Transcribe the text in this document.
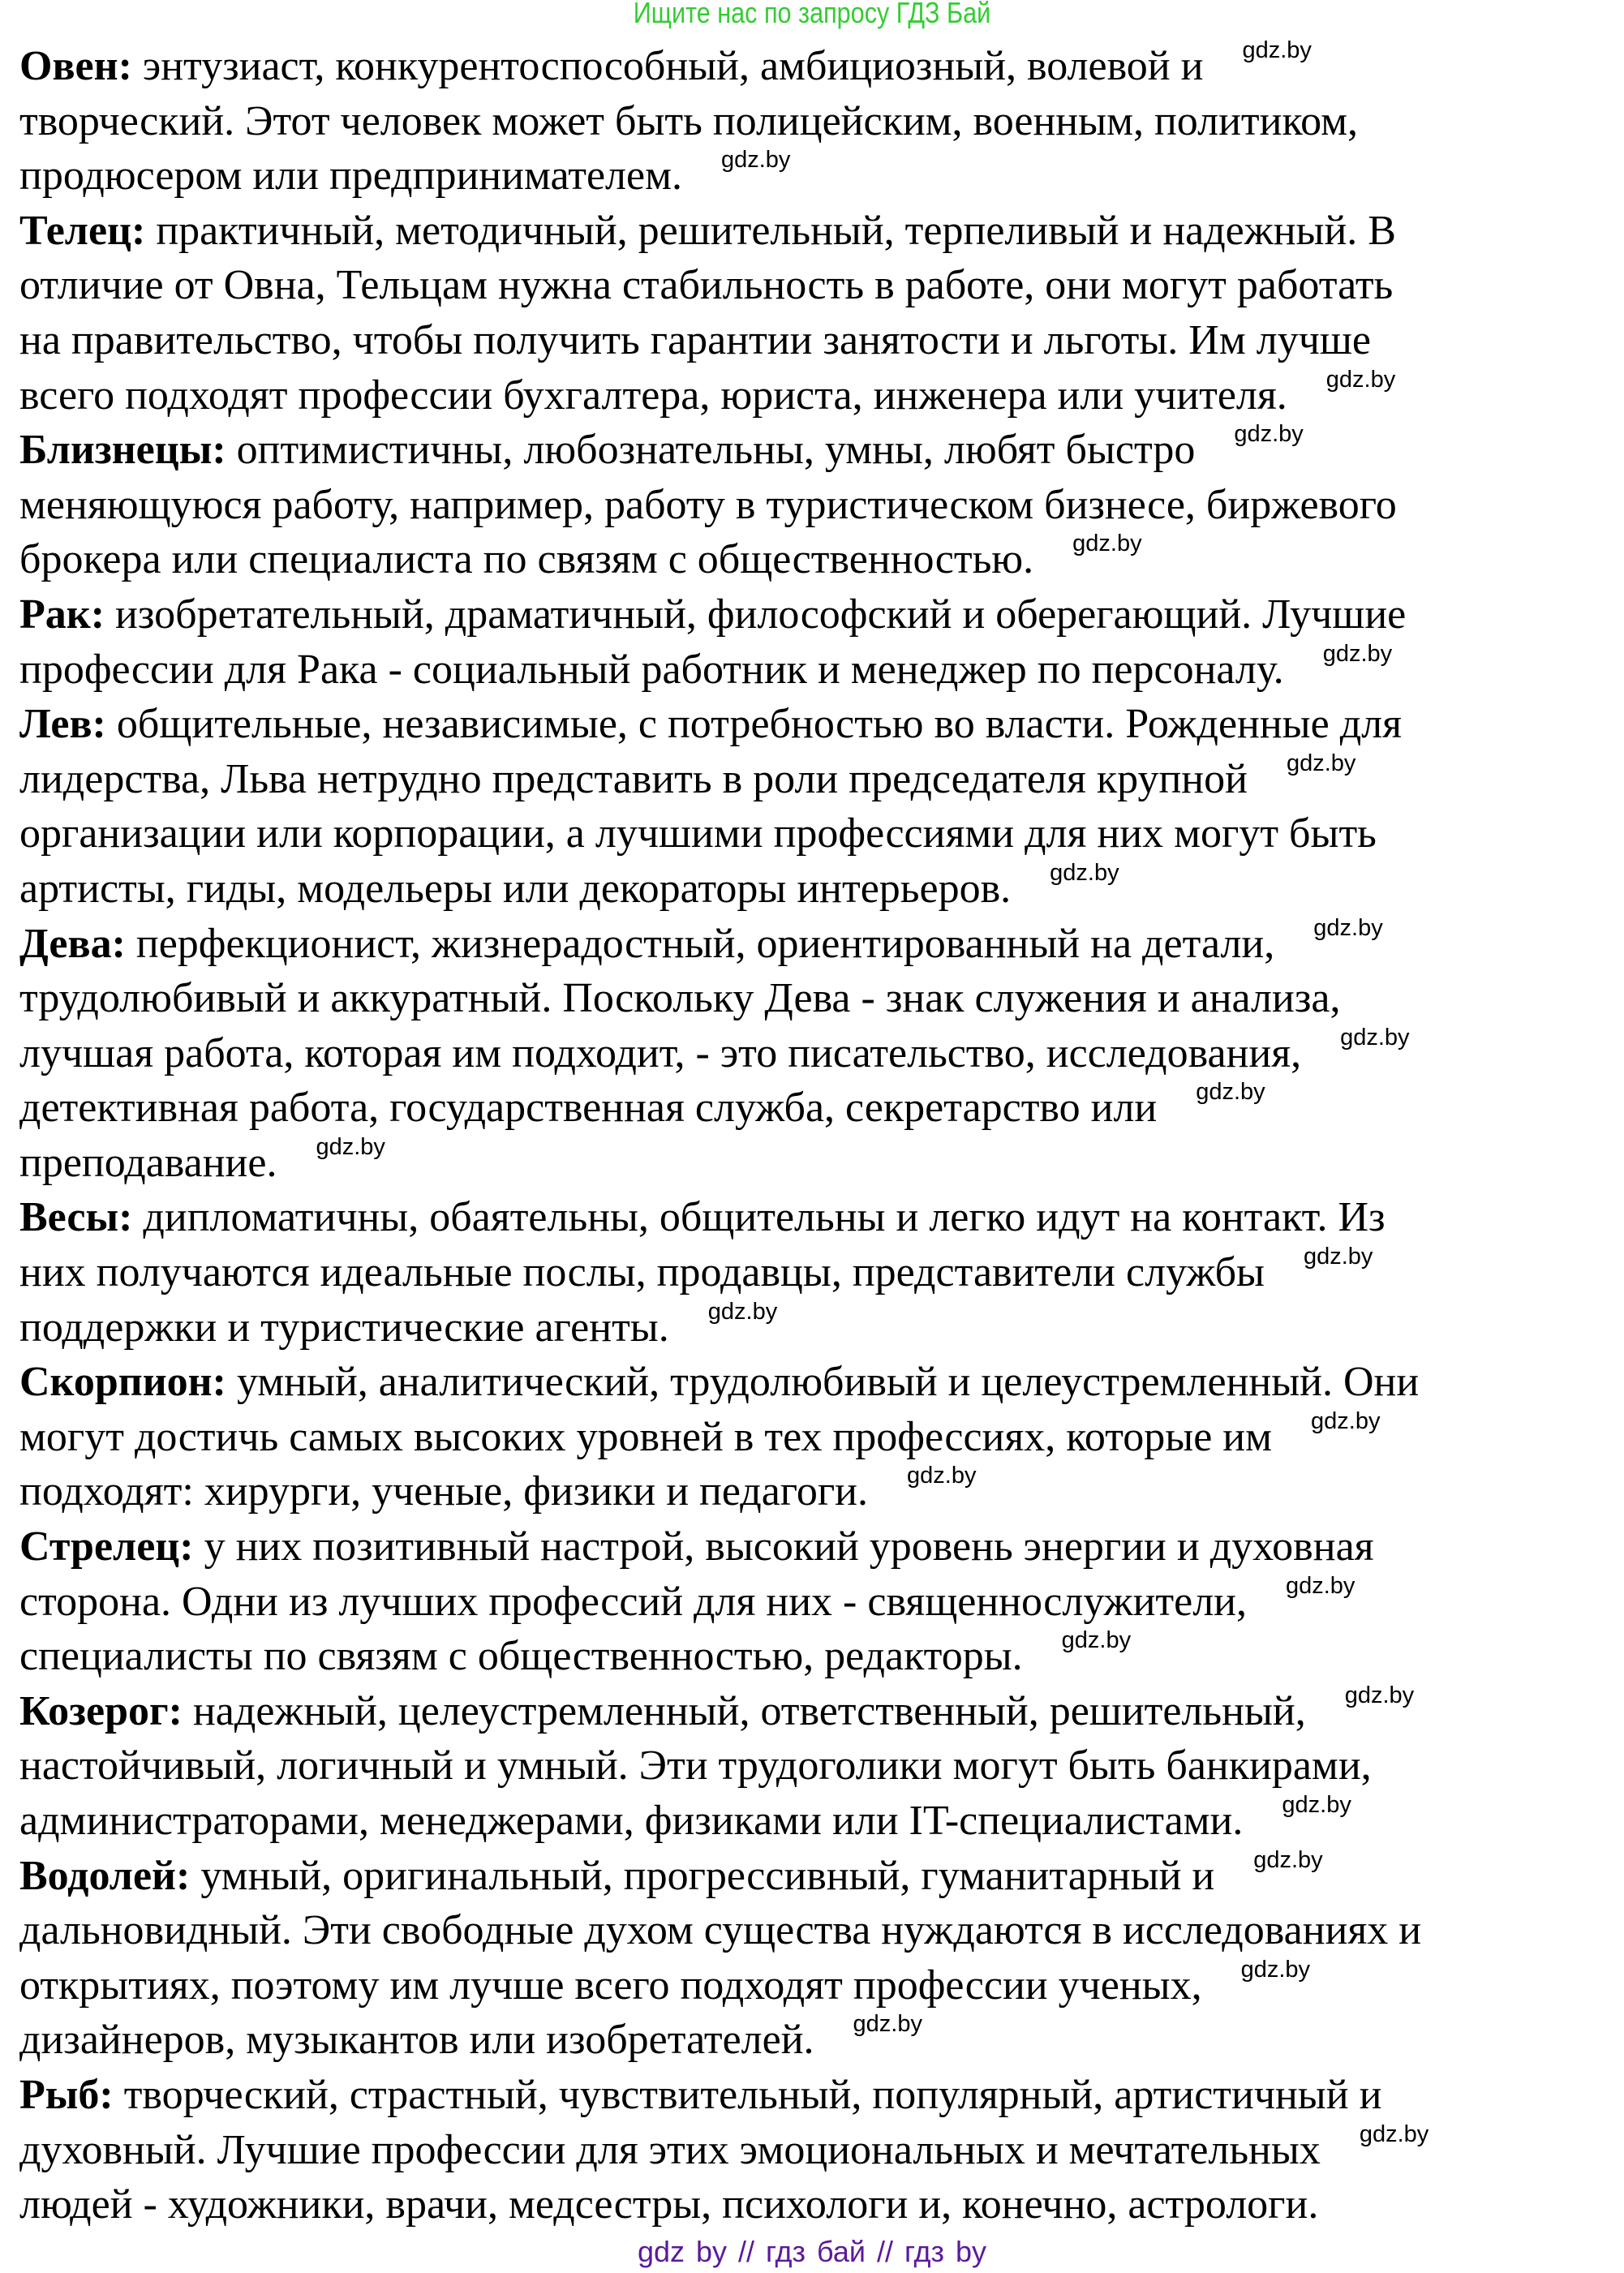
Ищите нас по запросу ГДЗ Бай
Овен: энтузиаст, конкурентоспособный, амбициозный, волевой и gdz.by
творческий. Этот человек может быть полицейским, военным, политиком,
продюсером или предпринимателем. gdz.by
Телец: практичный, методичный, решительный, терпеливый и надежный. В
отличие от Овна, Тельцам нужна стабильность в работе, они могут работать
на правительство, чтобы получить гарантии занятости и льготы. Им лучше
всего подходят профессии бухгалтера, юриста, инженера или учителя. gdz.by
Близнецы: оптимистичны, любознательны, умны, любят быстро gdz.by
меняющуюся работу, например, работу в туристическом бизнесе, биржевого
брокера или специалиста по связям с общественностью. gdz.by
Рак: изобретательный, драматичный, философский и оберегающий. Лучшие
профессии для Рака - социальный работник и менеджер по персоналу. gdz.by
Лев: общительные, независимые, с потребностью во власти. Рожденные для
лидерства, Льва нетрудно представить в роли председателя крупной gdz.by
организации или корпорации, а лучшими профессиями для них могут быть
артисты, гиды, модельеры или декораторы интерьеров. gdz.by
Дева: перфекционист, жизнерадостный, ориентированный на детали, gdz.by
трудолюбивый и аккуратный. Поскольку Дева - знак служения и анализа,
лучшая работа, которая им подходит, - это писательство, исследования, gdz.by
детективная работа, государственная служба, секретарство или gdz.by
преподавание. gdz.by
Весы: дипломатичны, обаятельны, общительны и легко идут на контакт. Из
них получаются идеальные послы, продавцы, представители службы gdz.by
поддержки и туристические агенты. gdz.by
Скорпион: умный, аналитический, трудолюбивый и целеустремленный. Они
могут достичь самых высоких уровней в тех профессиях, которые им gdz.by
подходят: хирурги, ученые, физики и педагоги. gdz.by
Стрелец: у них позитивный настрой, высокий уровень энергии и духовная
сторона. Одни из лучших профессий для них - священнослужители, gdz.by
специалисты по связям с общественностью, редакторы. gdz.by
Козерог: надежный, целеустремленный, ответственный, решительный, gdz.by
настойчивый, логичный и умный. Эти трудоголики могут быть банкирами,
администраторами, менеджерами, физиками или IT-специалистами. gdz.by
Водолей: умный, оригинальный, прогрессивный, гуманитарный и gdz.by
дальновидный. Эти свободные духом существа нуждаются в исследованиях и
открытиях, поэтому им лучше всего подходят профессии ученых, gdz.by
дизайнеров, музыкантов или изобретателей. gdz.by
Рыб: творческий, страстный, чувствительный, популярный, артистичный и
духовный. Лучшие профессии для этих эмоциональных и мечтательных gdz.by
людей - художники, врачи, медсестры, психологи и, конечно, астрологи.
gdz by // гдз бай // гдз by
